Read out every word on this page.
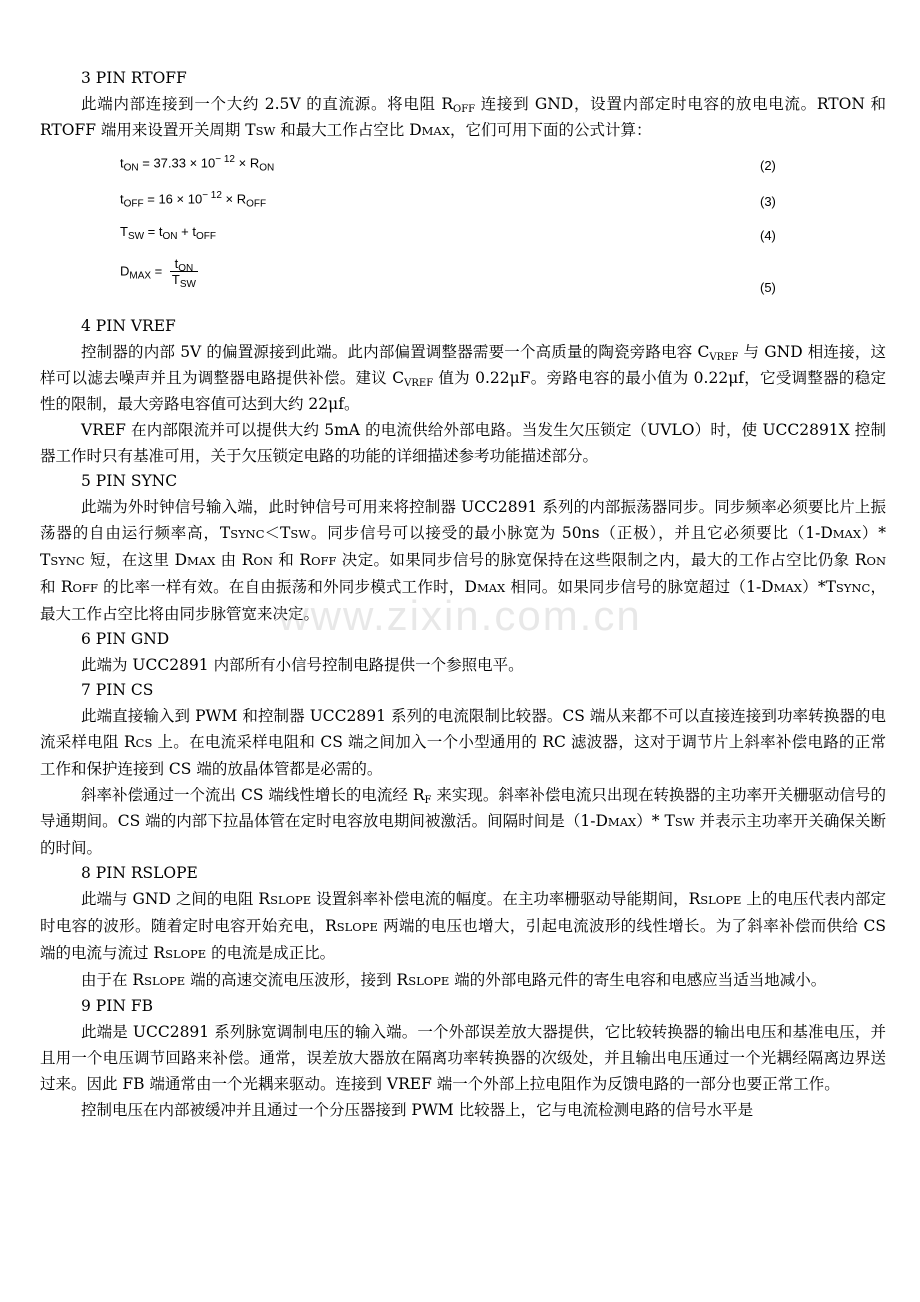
3 PIN RTOFF

此端内部连接到一个大约 2.5V 的直流源。将电阻 $R_{OFF}$ 连接到 GND，设置内部定时电容的放电电流。RTON 和 RTOFF 端用来设置开关周期 TSW 和最大工作占空比 DMAX，它们可用下面的公式计算：

$t_{ON} = 37.33 \times 10^{- 12} \times R_{ON}$	(2)
$t_{OFF} = 16 \times 10^{- 12} \times R_{OFF}$	(3)
$T_{SW} = t_{ON} + t_{OFF}$	(4)
$D_{MAX} = \frac{t_{ON}}{T_{SW}}$	(5)
4 PIN VREF

控制器的内部 5V 的偏置源接到此端。此内部偏置调整器需要一个高质量的陶瓷旁路电容 $C_{VREF}$ 与 GND 相连接，这样可以滤去噪声并且为调整器电路提供补偿。建议 $C_{VREF}$ 值为 0.22μF。旁路电容的最小值为 0.22μf，它受调整器的稳定性的限制，最大旁路电容值可达到大约 22μf。

VREF 在内部限流并可以提供大约 5mA 的电流供给外部电路。当发生欠压锁定（UVLO）时，使 UCC2891X 控制器工作时只有基准可用，关于欠压锁定电路的功能的详细描述参考功能描述部分。

5 PIN SYNC

此端为外时钟信号输入端，此时钟信号可用来将控制器 UCC2891 系列的内部振荡器同步。同步频率必须要比片上振荡器的自由运行频率高，TSYNC＜TSW。同步信号可以接受的最小脉宽为 50ns（正极），并且它必须要比（1-DMAX）* TSYNC 短，在这里 DMAX 由 RON 和 ROFF 决定。如果同步信号的脉宽保持在这些限制之内，最大的工作占空比仍象 RON 和 ROFF 的比率一样有效。在自由振荡和外同步模式工作时，DMAX 相同。如果同步信号的脉宽超过（1-DMAX）*TSYNC，最大工作占空比将由同步脉管宽来决定。

6 PIN GND

此端为 UCC2891 内部所有小信号控制电路提供一个参照电平。

7 PIN CS

此端直接输入到 PWM 和控制器 UCC2891 系列的电流限制比较器。CS 端从来都不可以直接连接到功率转换器的电流采样电阻 RCS 上。在电流采样电阻和 CS 端之间加入一个小型通用的 RC 滤波器，这对于调节片上斜率补偿电路的正常工作和保护连接到 CS 端的放晶体管都是必需的。

斜率补偿通过一个流出 CS 端线性增长的电流经 $R_F$ 来实现。斜率补偿电流只出现在转换器的主功率开关栅驱动信号的导通期间。CS 端的内部下拉晶体管在定时电容放电期间被激活。间隔时间是（1-DMAX）* TSW 并表示主功率开关确保关断的时间。

8 PIN RSLOPE

此端与 GND 之间的电阻 RSLOPE 设置斜率补偿电流的幅度。在主功率栅驱动导能期间，RSLOPE 上的电压代表内部定时电容的波形。随着定时电容开始充电，RSLOPE 两端的电压也增大，引起电流波形的线性增长。为了斜率补偿而供给 CS 端的电流与流过 RSLOPE 的电流是成正比。

由于在 RSLOPE 端的高速交流电压波形，接到 RSLOPE 端的外部电路元件的寄生电容和电感应当适当地减小。

9 PIN FB

此端是 UCC2891 系列脉宽调制电压的输入端。一个外部误差放大器提供，它比较转换器的输出电压和基准电压，并且用一个电压调节回路来补偿。通常，误差放大器放在隔离功率转换器的次级处，并且输出电压通过一个光耦经隔离边界送过来。因此 FB 端通常由一个光耦来驱动。连接到 VREF 端一个外部上拉电阻作为反馈电路的一部分也要正常工作。

控制电压在内部被缓冲并且通过一个分压器接到 PWM 比较器上，它与电流检测电路的信号水平是

www.zixin.com.cn
